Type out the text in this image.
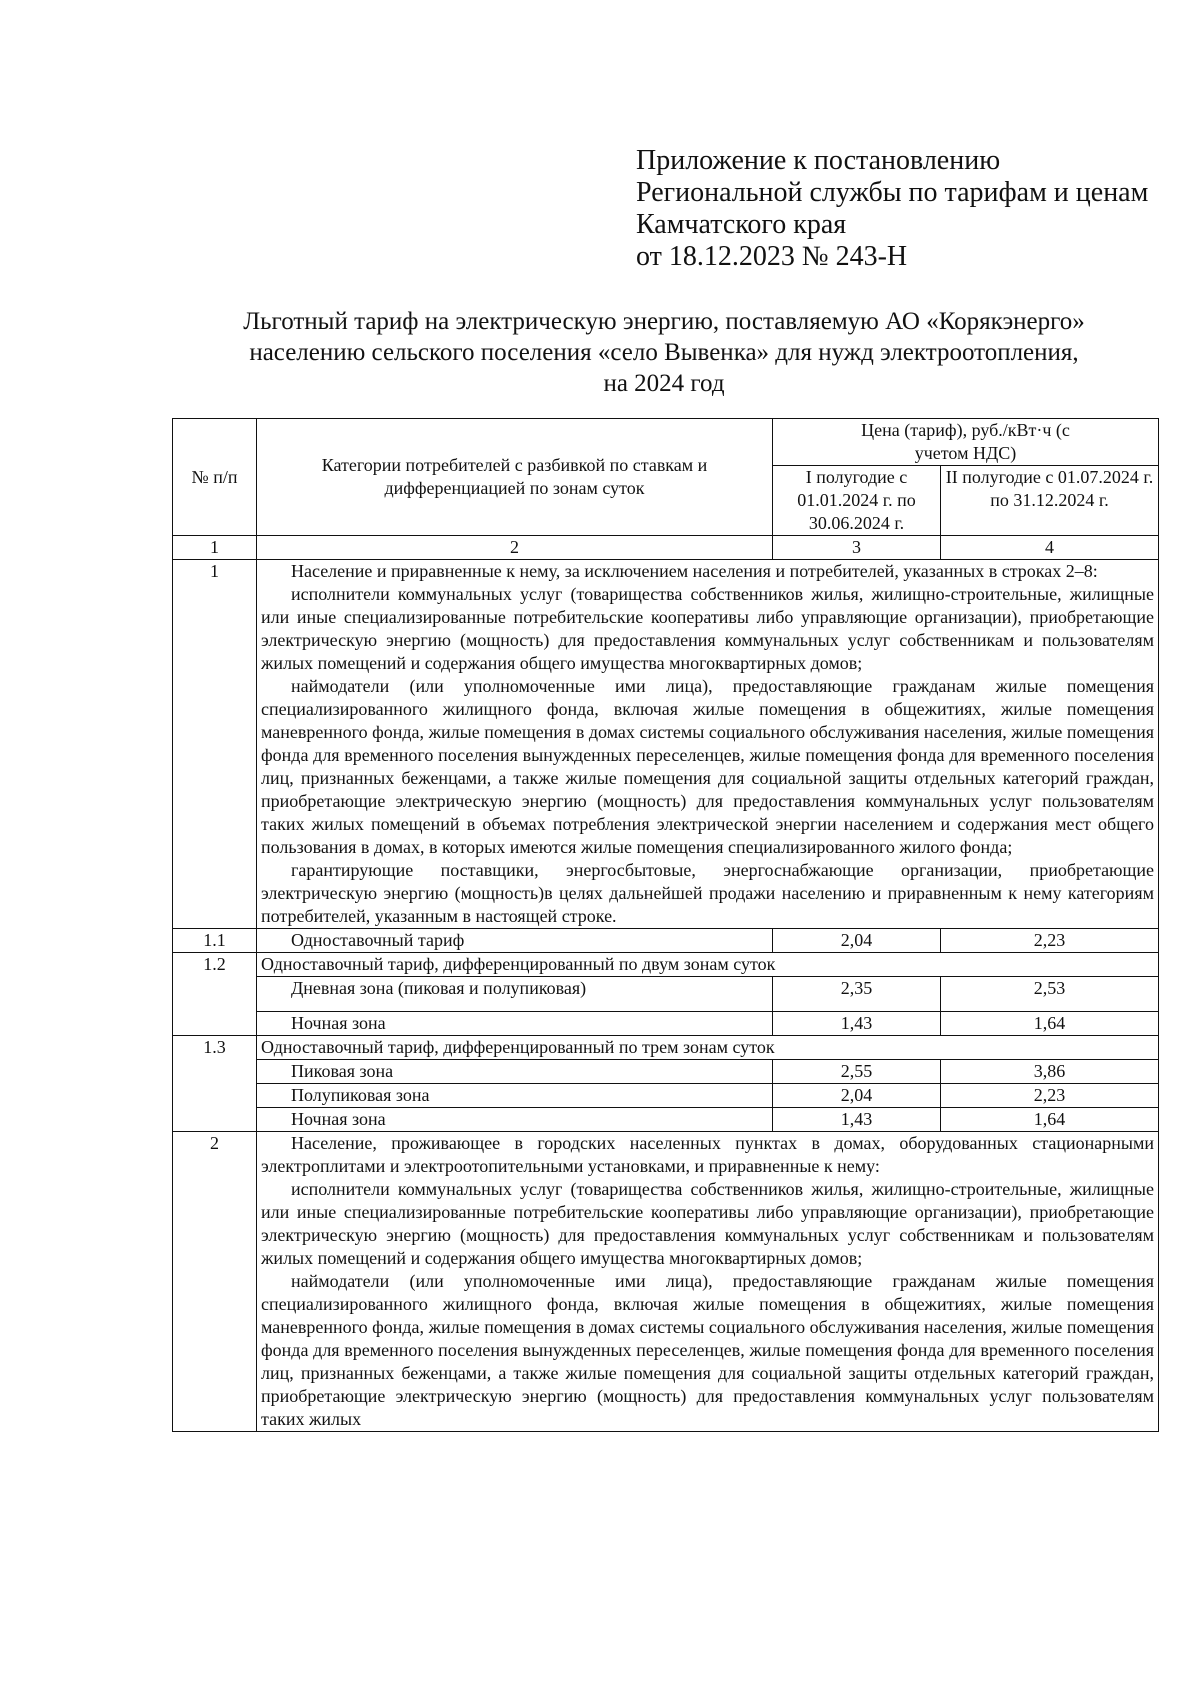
Приложение к постановлению
Региональной службы по тарифам и ценам
Камчатского края
от 18.12.2023 № 243-Н
Льготный тариф на электрическую энергию, поставляемую АО «Корякэнерго»
населению сельского поселения «село Вывенка» для нужд электроотопления,
на 2024 год
№ п/п	Категории потребителей с разбивкой по ставкам и дифференциацией по зонам суток	Цена (тариф), руб./кВт·ч (с учетом НДС)	
		I полугодие с 01.01.2024 г. по 30.06.2024 г.	II полугодие с 01.07.2024 г. по 31.12.2024 г.
1	2	3	4
1	Население и приравненные к нему, за исключением населения и потребителей, указанных в строках 2–8:
исполнители коммунальных услуг (товарищества собственников жилья, жилищно-строительные, жилищные или иные специализированные потребительские кооперативы либо управляющие организации), приобретающие электрическую энергию (мощность) для предоставления коммунальных услуг собственникам и пользователям жилых помещений и содержания общего имущества многоквартирных домов;
наймодатели (или уполномоченные ими лица), предоставляющие гражданам жилые помещения специализированного жилищного фонда, включая жилые помещения в общежитиях, жилые помещения маневренного фонда, жилые помещения в домах системы социального обслуживания населения, жилые помещения фонда для временного поселения вынужденных переселенцев, жилые помещения фонда для временного поселения лиц, признанных беженцами, а также жилые помещения для социальной защиты отдельных категорий граждан, приобретающие электрическую энергию (мощность) для предоставления коммунальных услуг пользователям таких жилых помещений в объемах потребления электрической энергии населением и содержания мест общего пользования в домах, в которых имеются жилые помещения специализированного жилого фонда;
гарантирующие поставщики, энергосбытовые, энергоснабжающие организации, приобретающие электрическую энергию (мощность)в целях дальнейшей продажи населению и приравненным к нему категориям потребителей, указанным в настоящей строке.		

1.1	Одноставочный тариф	2,04	2,23
1.2	Одноставочный тариф, дифференцированный по двум зонам суток		
	Дневная зона (пиковая и полупиковая)	2,35	2,53
	Ночная зона	1,43	1,64
1.3	Одноставочный тариф, дифференцированный по трем зонам суток		
	Пиковая зона	2,55	3,86
	Полупиковая зона	2,04	2,23
	Ночная зона	1,43	1,64
2	Население, проживающее в городских населенных пунктах в домах, оборудованных стационарными электроплитами и электроотопительными установками, и приравненные к нему:
исполнители коммунальных услуг (товарищества собственников жилья, жилищно-строительные, жилищные или иные специализированные потребительские кооперативы либо управляющие организации), приобретающие электрическую энергию (мощность) для предоставления коммунальных услуг собственникам и пользователям жилых помещений и содержания общего имущества многоквартирных домов;
наймодатели (или уполномоченные ими лица), предоставляющие гражданам жилые помещения специализированного жилищного фонда, включая жилые помещения в общежитиях, жилые помещения маневренного фонда, жилые помещения в домах системы социального обслуживания населения, жилые помещения фонда для временного поселения вынужденных переселенцев, жилые помещения фонда для временного поселения лиц, признанных беженцами, а также жилые помещения для социальной защиты отдельных категорий граждан, приобретающие электрическую энергию (мощность) для предоставления коммунальных услуг пользователям таких жилых		
